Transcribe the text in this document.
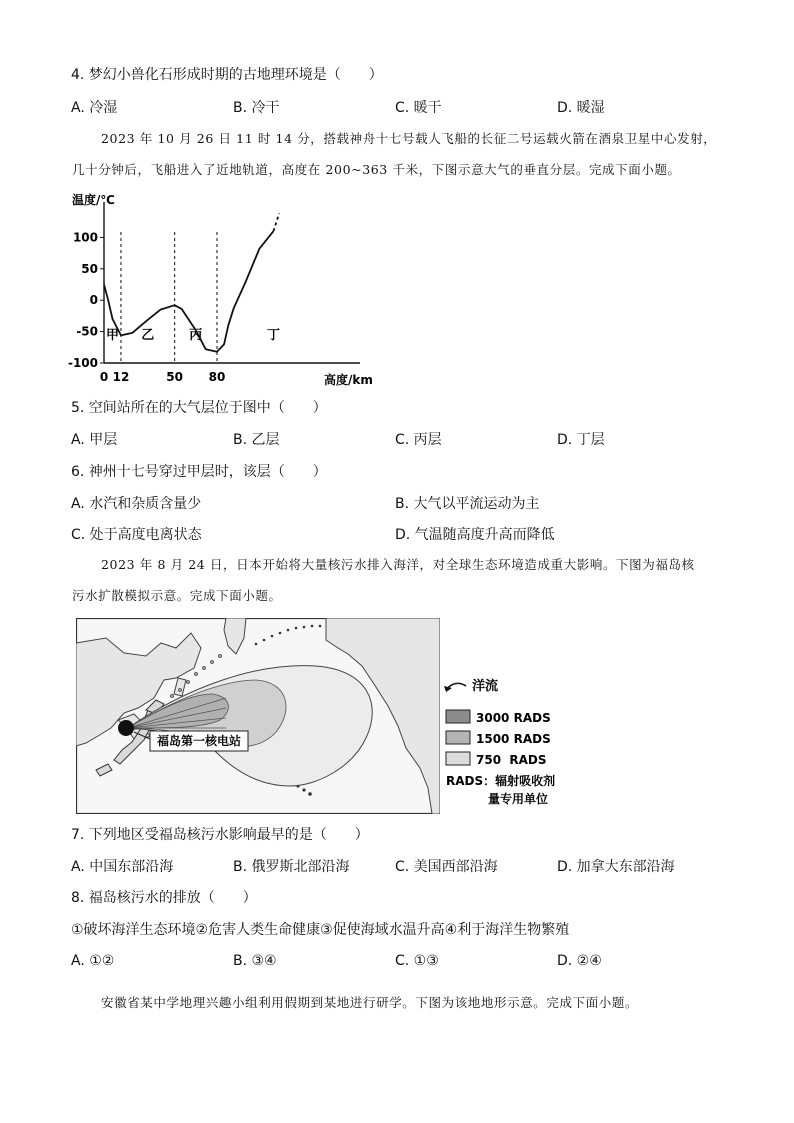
4. 梦幻小兽化石形成时期的古地理环境是（　　）
A. 冷湿	B. 冷干	C. 暖干	D. 暖湿
2023 年 10 月 26 日 11 时 14 分，搭载神舟十七号载人飞船的长征二号运载火箭在酒泉卫星中心发射，
几十分钟后，飞船进入了近地轨道，高度在 200~363 千米，下图示意大气的垂直分层。完成下面小题。
温度/℃
高度/km
100
50
0
-50
-100
0 12	50 80
甲 乙	丙	丁
5. 空间站所在的大气层位于图中（　　）
A. 甲层	B. 乙层	C. 丙层	D. 丁层
6. 神州十七号穿过甲层时，该层（　　）
A. 水汽和杂质含量少	B. 大气以平流运动为主
C. 处于高度电离状态	D. 气温随高度升高而降低
2023 年 8 月 24 日，日本开始将大量核污水排入海洋，对全球生态环境造成重大影响。下图为福岛核
污水扩散模拟示意。完成下面小题。
福岛第一核电站
洋流
3000 RADS
1500 RADS
750  RADS
RADS：辐射吸收剂
量专用单位
7. 下列地区受福岛核污水影响最早的是（　　）
A. 中国东部沿海	B. 俄罗斯北部沿海	C. 美国西部沿海	D. 加拿大东部沿海
8. 福岛核污水的排放（　　）
①破坏海洋生态环境②危害人类生命健康③促使海域水温升高④利于海洋生物繁殖
A. ①②	B. ③④	C. ①③	D. ②④
安徽省某中学地理兴趣小组利用假期到某地进行研学。下图为该地地形示意。完成下面小题。
